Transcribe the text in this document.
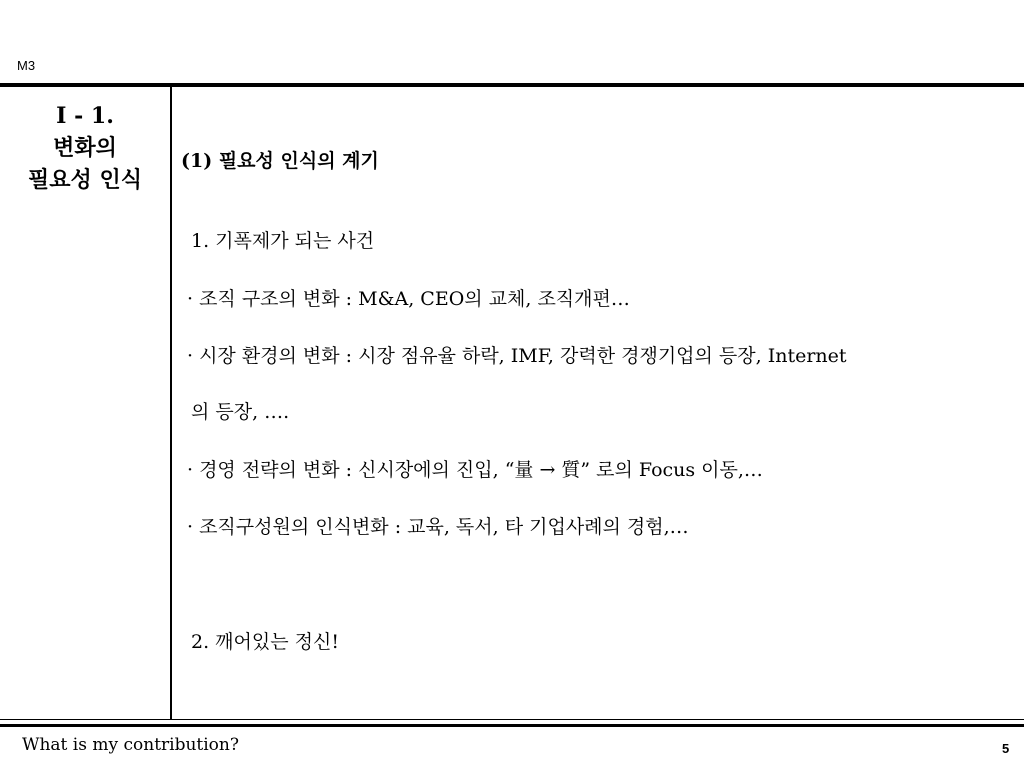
M3
Ⅰ - 1.
변화의
필요성 인식
(1) 필요성 인식의 계기
1. 기폭제가 되는 사건
· 조직 구조의 변화 : M&A, CEO의 교체, 조직개편…
· 시장 환경의 변화 : 시장 점유율 하락, IMF, 강력한 경쟁기업의 등장, Internet
의 등장, ….
· 경영 전략의 변화 : 신시장에의 진입, “量 → 質” 로의 Focus 이동,…
· 조직구성원의 인식변화 : 교육, 독서, 타 기업사례의 경험,…
2. 깨어있는 정신!
What is my contribution?	5
